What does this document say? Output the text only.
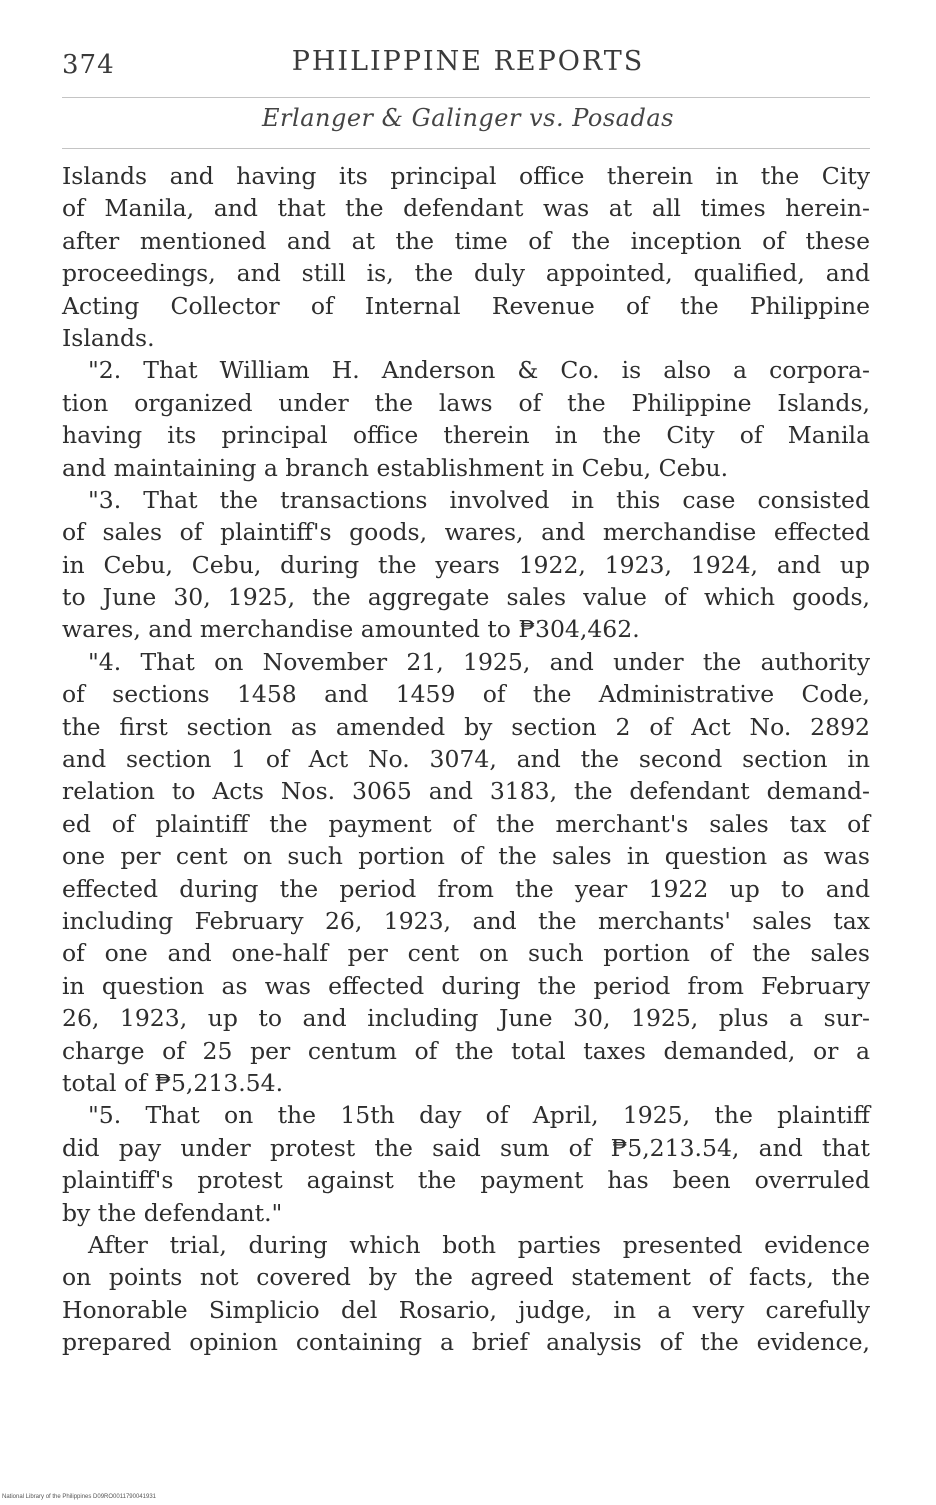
374	PHILIPPINE REPORTS
Erlanger & Galinger vs. Posadas
Islands and having its principal office therein in the City
of Manila, and that the defendant was at all times herein-
after mentioned and at the time of the inception of these
proceedings, and still is, the duly appointed, qualified, and
Acting Collector of Internal Revenue of the Philippine
Islands.
"2. That William H. Anderson & Co. is also a corpora-
tion organized under the laws of the Philippine Islands,
having its principal office therein in the City of Manila
and maintaining a branch establishment in Cebu, Cebu.
"3. That the transactions involved in this case consisted
of sales of plaintiff's goods, wares, and merchandise effected
in Cebu, Cebu, during the years 1922, 1923, 1924, and up
to June 30, 1925, the aggregate sales value of which goods,
wares, and merchandise amounted to ₱304,462.
"4. That on November 21, 1925, and under the authority
of sections 1458 and 1459 of the Administrative Code,
the first section as amended by section 2 of Act No. 2892
and section 1 of Act No. 3074, and the second section in
relation to Acts Nos. 3065 and 3183, the defendant demand-
ed of plaintiff the payment of the merchant's sales tax of
one per cent on such portion of the sales in question as was
effected during the period from the year 1922 up to and
including February 26, 1923, and the merchants' sales tax
of one and one-half per cent on such portion of the sales
in question as was effected during the period from February
26, 1923, up to and including June 30, 1925, plus a sur-
charge of 25 per centum of the total taxes demanded, or a
total of ₱5,213.54.
"5. That on the 15th day of April, 1925, the plaintiff
did pay under protest the said sum of ₱5,213.54, and that
plaintiff's protest against the payment has been overruled
by the defendant."
After trial, during which both parties presented evidence
on points not covered by the agreed statement of facts, the
Honorable Simplicio del Rosario, judge, in a very carefully
prepared opinion containing a brief analysis of the evidence,
National Library of the Philippines D09RO0011790041931
